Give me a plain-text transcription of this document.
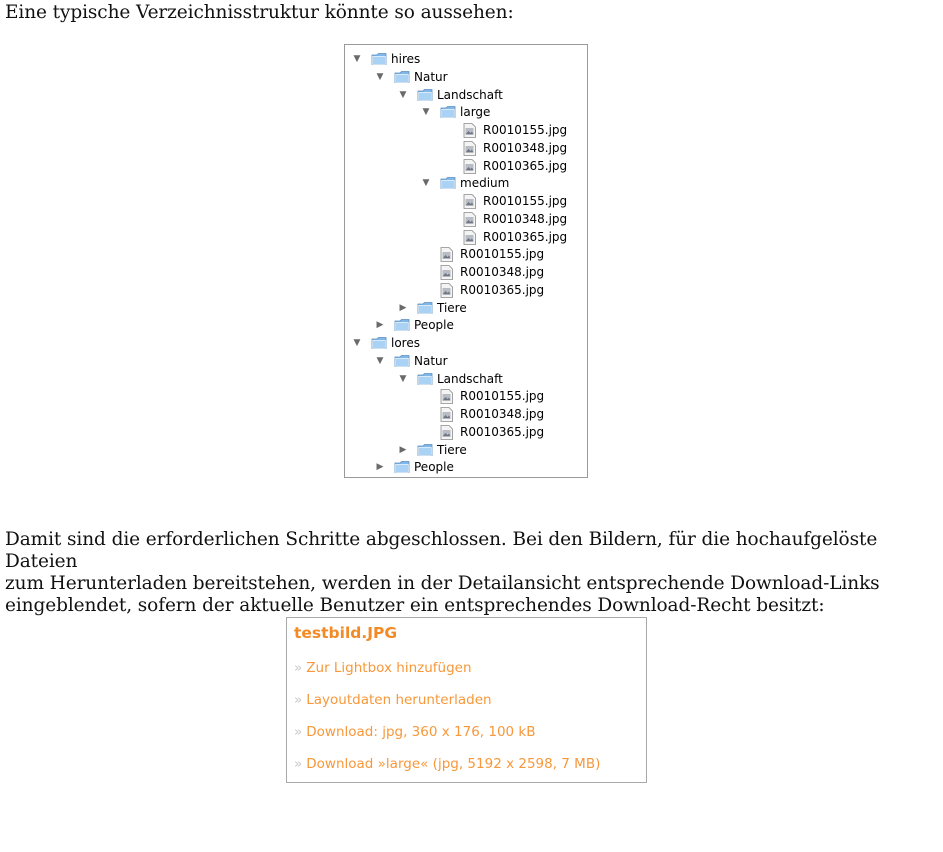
Eine typische Verzeichnisstruktur könnte so aussehen:
▼	hires
▼	Natur
▼	Landschaft
▼	large
R0010155.jpg
R0010348.jpg
R0010365.jpg
▼	medium
R0010155.jpg
R0010348.jpg
R0010365.jpg
R0010155.jpg
R0010348.jpg
R0010365.jpg
▶	Tiere
▶	People
▼	lores
▼	Natur
▼	Landschaft
R0010155.jpg
R0010348.jpg
R0010365.jpg
▶	Tiere
▶	People
Damit sind die erforderlichen Schritte abgeschlossen. Bei den Bildern, für die hochaufgelöste Dateien
zum Herunterladen bereitstehen, werden in der Detailansicht entsprechende Download-Links
eingeblendet, sofern der aktuelle Benutzer ein entsprechendes Download-Recht besitzt:
testbild.JPG
» Zur Lightbox hinzufügen
» Layoutdaten herunterladen
» Download: jpg, 360 x 176, 100 kB
» Download »large« (jpg, 5192 x 2598, 7 MB)
